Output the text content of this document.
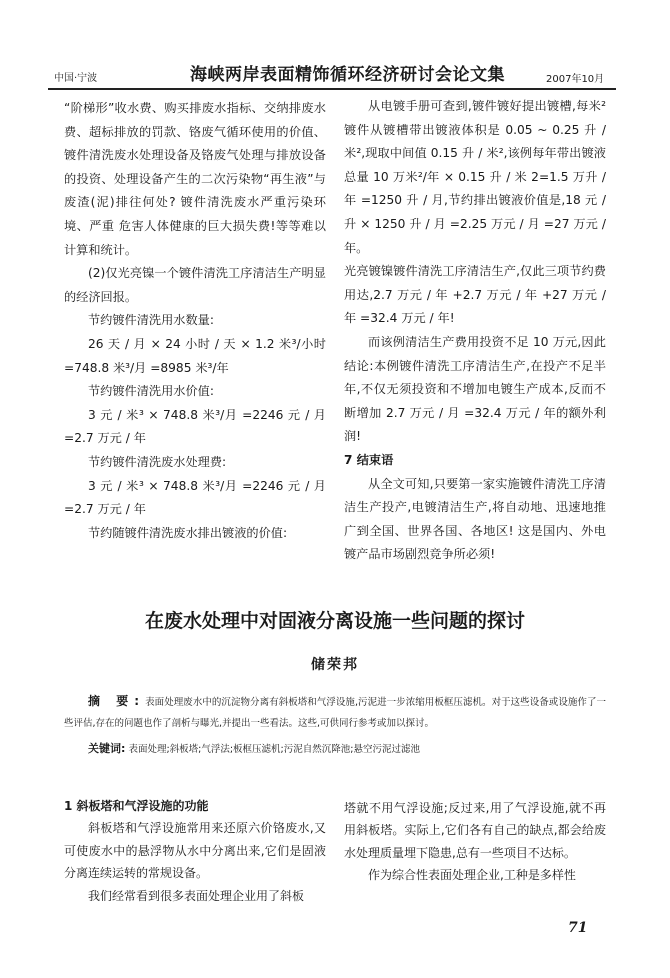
中国·宁波	海峡两岸表面精饰循环经济研讨会论文集	2007年10月

“阶梯形”收水费、购买排废水指标、交纳排废水费、超标排放的罚款、铬废气循环使用的价值、镀件清洗废水处理设备及铬废气处理与排放设备的投资、处理设备产生的二次污染物“再生液”与废渣(泥)排往何处? 镀件清洗废水严重污染环境、严重 危害人体健康的巨大损失费!等等难以计算和统计。

(2)仅光亮镍一个镀件清洗工序清洁生产明显的经济回报。

节约镀件清洗用水数量:

26 天 / 月 × 24 小时 / 天 × 1.2 米³/小时 =748.8 米³/月 =8985 米³/年

节约镀件清洗用水价值:

3 元 / 米³ × 748.8 米³/月 =2246 元 / 月 =2.7 万元 / 年

节约镀件清洗废水处理费:

3 元 / 米³ × 748.8 米³/月 =2246 元 / 月 =2.7 万元 / 年

节约随镀件清洗废水排出镀液的价值:

从电镀手册可查到,镀件镀好提出镀槽,每米²镀件从镀槽带出镀液体积是 0.05 ~ 0.25 升 / 米²,现取中间值 0.15 升 / 米²,该例每年带出镀液总量 10 万米²/年 × 0.15 升 / 米 2=1.5 万升 / 年 =1250 升 / 月,节约排出镀液价值是,18 元 / 升 × 1250 升 / 月 =2.25 万元 / 月 =27 万元 / 年。

光亮镀镍镀件清洗工序清洁生产,仅此三项节约费用达,2.7 万元 / 年 +2.7 万元 / 年 +27 万元 / 年 =32.4 万元 / 年!

而该例清洁生产费用投资不足 10 万元,因此结论:本例镀件清洗工序清洁生产,在投产不足半年,不仅无须投资和不增加电镀生产成本,反而不断增加 2.7 万元 / 月 =32.4 万元 / 年的额外利润!

7 结束语

从全文可知,只要第一家实施镀件清洗工序清洁生产投产,电镀清洁生产,将自动地、迅速地推广到全国、世界各国、各地区! 这是国内、外电镀产品市场剧烈竞争所必须!

在废水处理中对固液分离设施一些问题的探讨
储荣邦
摘 要:表面处理废水中的沉淀物分离有斜板塔和气浮设施,污泥进一步浓缩用板框压滤机。对于这些设备或设施作了一些评估,存在的问题也作了剖析与曝光,并提出一些看法。这些,可供同行参考或加以探讨。
关键词: 表面处理;斜板塔;气浮法;板框压滤机;污泥自然沉降池;悬空污泥过滤池

1 斜板塔和气浮设施的功能

斜板塔和气浮设施常用来还原六价铬废水,又可使废水中的悬浮物从水中分离出来,它们是固液分离连续运转的常规设备。

我们经常看到很多表面处理企业用了斜板

塔就不用气浮设施;反过来,用了气浮设施,就不再用斜板塔。实际上,它们各有自己的缺点,都会给废水处理质量埋下隐患,总有一些项目不达标。

作为综合性表面处理企业,工种是多样性

71
